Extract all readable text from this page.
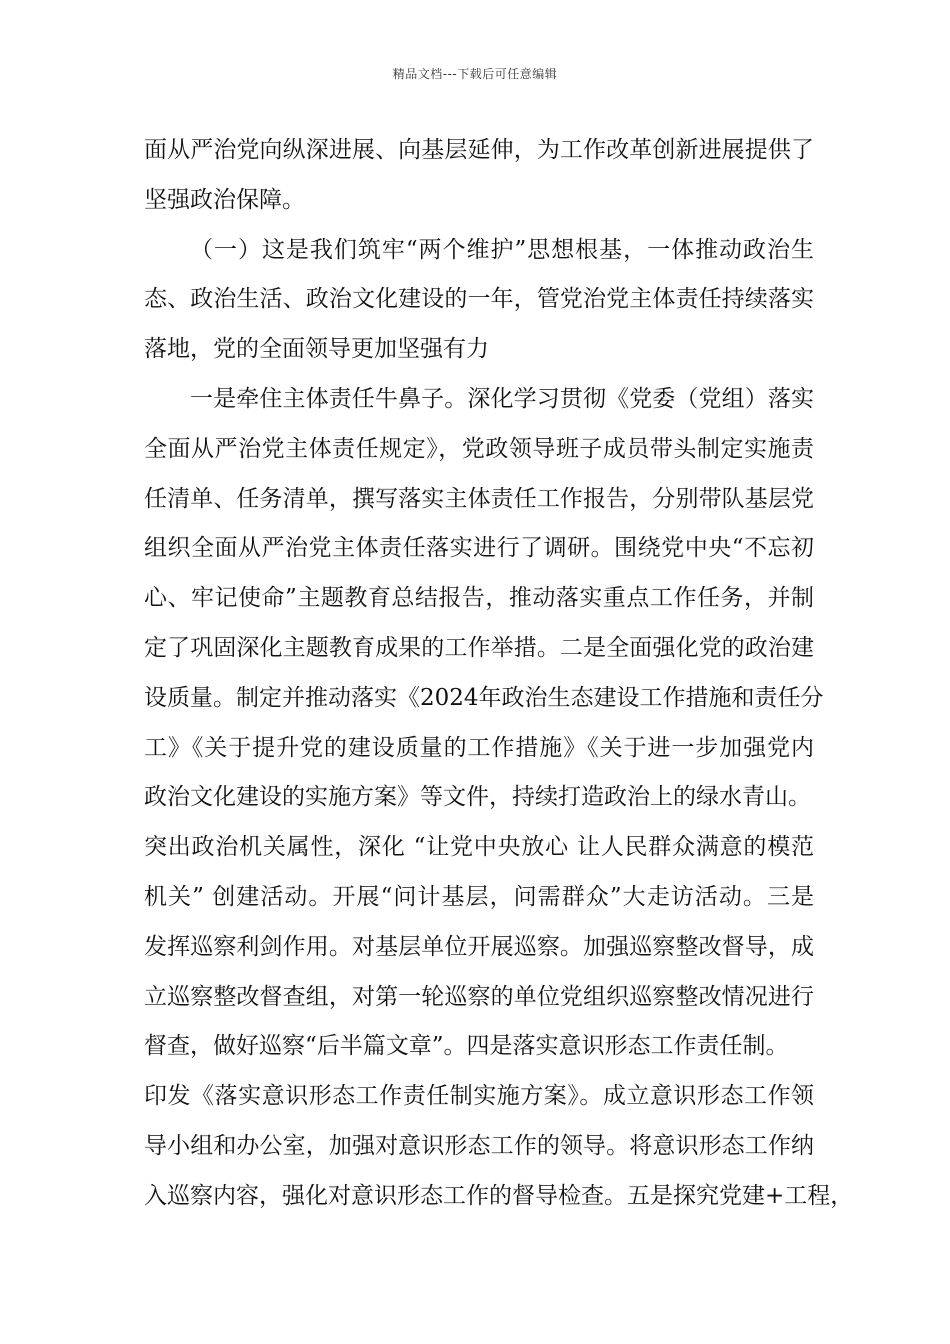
精品文档---下载后可任意编辑
面从严治党向纵深进展、向基层延伸，为工作改革创新进展提供了
坚强政治保障。
（一）这是我们筑牢“两个维护”思想根基，一体推动政治生
态、政治生活、政治文化建设的一年，管党治党主体责任持续落实
落地，党的全面领导更加坚强有力
一是牵住主体责任牛鼻子。深化学习贯彻《党委（党组）落实
全面从严治党主体责任规定》，党政领导班子成员带头制定实施责
任清单、任务清单，撰写落实主体责任工作报告，分别带队基层党
组织全面从严治党主体责任落实进行了调研。围绕党中央“不忘初
心、牢记使命”主题教育总结报告，推动落实重点工作任务，并制
定了巩固深化主题教育成果的工作举措。二是全面强化党的政治建
设质量。制定并推动落实《2024年政治生态建设工作措施和责任分
工》《关于提升党的建设质量的工作措施》《关于进一步加强党内
政治文化建设的实施方案》等文件，持续打造政治上的绿水青山。
突出政治机关属性，深化 “让党中央放心 让人民群众满意的模范
机关” 创建活动。开展“问计基层，问需群众”大走访活动。三是
发挥巡察利剑作用。对基层单位开展巡察。加强巡察整改督导，成
立巡察整改督查组，对第一轮巡察的单位党组织巡察整改情况进行
督查，做好巡察“后半篇文章”。四是落实意识形态工作责任制。
印发《落实意识形态工作责任制实施方案》。成立意识形态工作领
导小组和办公室，加强对意识形态工作的领导。将意识形态工作纳
入巡察内容，强化对意识形态工作的督导检查。五是探究党建+工程，
